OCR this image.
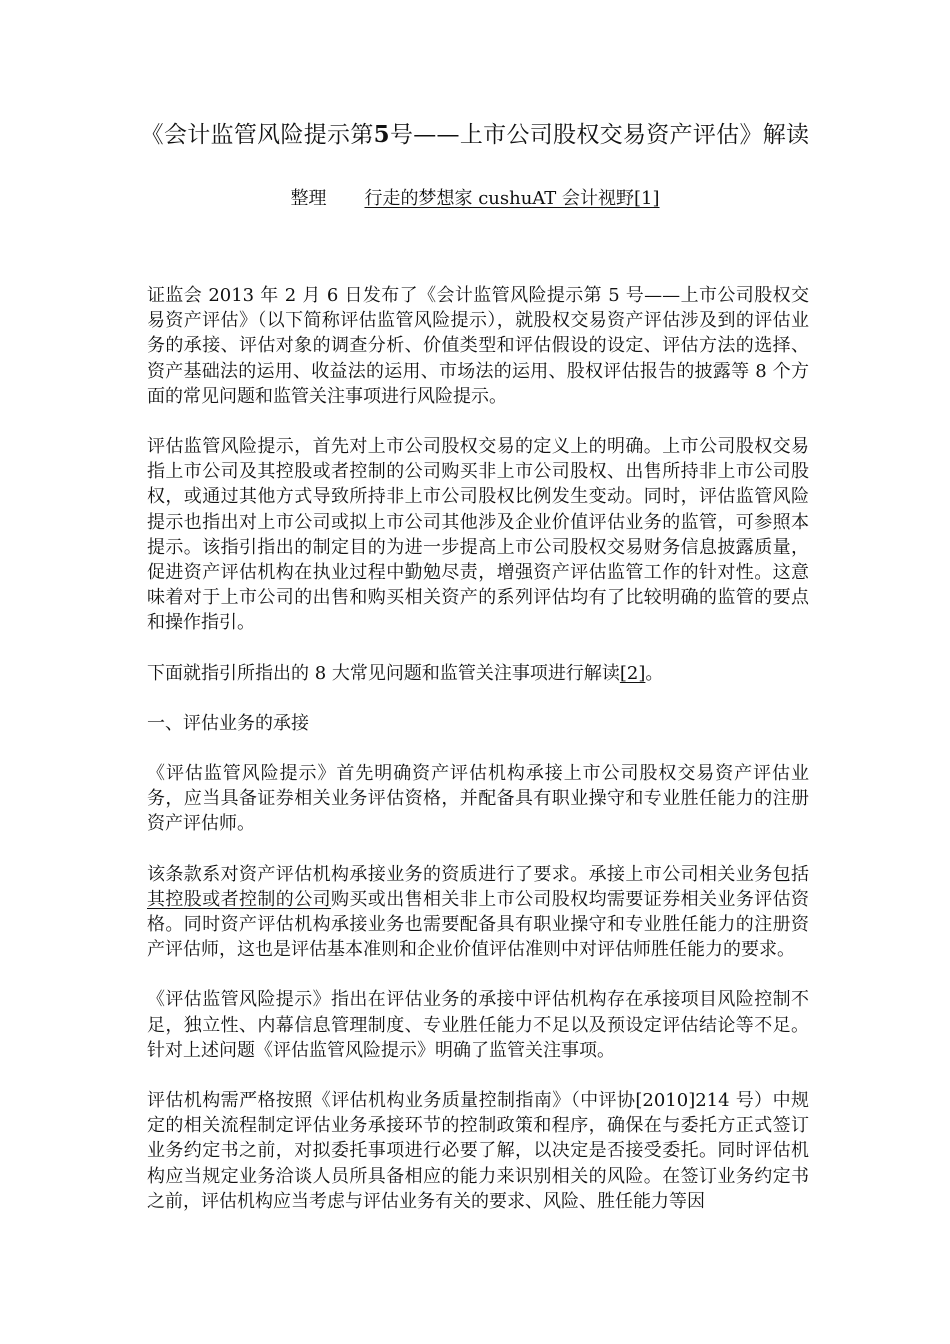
《会计监管风险提示第5号——上市公司股权交易资产评估》解读
整理 行走的梦想家 cushuAT 会计视野[1]

证监会 2013 年 2 月 6 日发布了《会计监管风险提示第 5 号——上市公司股权交易资产评估》（以下简称评估监管风险提示），就股权交易资产评估涉及到的评估业务的承接、评估对象的调查分析、价值类型和评估假设的设定、评估方法的选择、资产基础法的运用、收益法的运用、市场法的运用、股权评估报告的披露等 8 个方面的常见问题和监管关注事项进行风险提示。

评估监管风险提示，首先对上市公司股权交易的定义上的明确。上市公司股权交易指上市公司及其控股或者控制的公司购买非上市公司股权、出售所持非上市公司股权，或通过其他方式导致所持非上市公司股权比例发生变动。同时，评估监管风险提示也指出对上市公司或拟上市公司其他涉及企业价值评估业务的监管，可参照本提示。该指引指出的制定目的为进一步提高上市公司股权交易财务信息披露质量，促进资产评估机构在执业过程中勤勉尽责，增强资产评估监管工作的针对性。这意味着对于上市公司的出售和购买相关资产的系列评估均有了比较明确的监管的要点和操作指引。

下面就指引所指出的 8 大常见问题和监管关注事项进行解读[2]。

一、评估业务的承接

《评估监管风险提示》首先明确资产评估机构承接上市公司股权交易资产评估业务，应当具备证券相关业务评估资格，并配备具有职业操守和专业胜任能力的注册资产评估师。

该条款系对资产评估机构承接业务的资质进行了要求。承接上市公司相关业务包括其控股或者控制的公司购买或出售相关非上市公司股权均需要证券相关业务评估资格。同时资产评估机构承接业务也需要配备具有职业操守和专业胜任能力的注册资产评估师，这也是评估基本准则和企业价值评估准则中对评估师胜任能力的要求。

《评估监管风险提示》指出在评估业务的承接中评估机构存在承接项目风险控制不足，独立性、内幕信息管理制度、专业胜任能力不足以及预设定评估结论等不足。针对上述问题《评估监管风险提示》明确了监管关注事项。

评估机构需严格按照《评估机构业务质量控制指南》（中评协[2010]214 号）中规定的相关流程制定评估业务承接环节的控制政策和程序，确保在与委托方正式签订业务约定书之前，对拟委托事项进行必要了解，以决定是否接受委托。同时评估机构应当规定业务洽谈人员所具备相应的能力来识别相关的风险。在签订业务约定书之前，评估机构应当考虑与评估业务有关的要求、风险、胜任能力等因
